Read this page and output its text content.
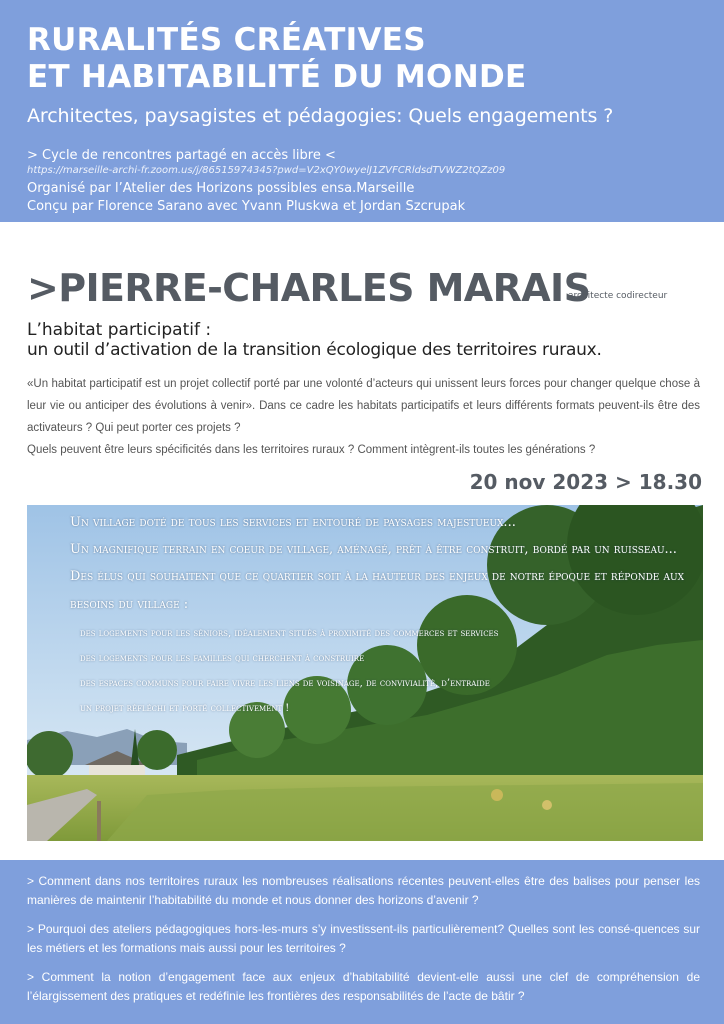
RURALITÉS CRÉATIVES
ET HABITABILITÉ DU MONDE
Architectes, paysagistes et pédagogies: Quels engagements ?
> Cycle de rencontres partagé en accès libre <
https://marseille-archi-fr.zoom.us/j/86515974345?pwd=V2xQY0wyelJ1ZVFCRldsdTVWZ2tQZz09
Organisé par l’Atelier des Horizons possibles ensa.Marseille
Conçu par Florence Sarano avec Yvann Pluskwa et Jordan Szcrupak
>PIERRE-CHARLES MARAIS
architecte codirecteur
L’habitat participatif :
un outil d’activation de la transition écologique des territoires ruraux.

«Un habitat participatif est un projet collectif porté par une volonté d’acteurs qui unissent leurs forces pour changer quelque chose à leur vie ou anticiper des évolutions à venir». Dans ce cadre les habitats participatifs et leurs différents formats peuvent-ils être des activateurs ? Qui peut porter ces projets ?

Quels peuvent être leurs spécificités dans les territoires ruraux ? Comment intègrent-ils toutes les générations ?

20 nov 2023 > 18.30
Un village doté de tous les services et entouré de paysages majestueux...
Un magnifique terrain en coeur de village, aménagé, prêt à être construit, bordé par un ruisseau...
Des élus qui souhaitent que ce quartier soit à la hauteur des enjeux de notre époque et réponde aux
besoins du village :
des logements pour les séniors, idéalement situés à proximité des commerces et services
des logements pour les familles qui cherchent à construire
des espaces communs pour faire vivre les liens de voisinage, de convivialité, d’entraide
un projet réfléchi et porté collectivement !
> Comment dans nos territoires ruraux les nombreuses réalisations récentes peuvent-elles être des balises pour penser les manières de maintenir l’habitabilité du monde et nous donner des horizons d’avenir ?
> Pourquoi des ateliers pédagogiques hors-les-murs s’y investissent-ils particulièrement? Quelles sont les consé-quences sur les métiers et les formations mais aussi pour les territoires ?
> Comment la notion d’engagement face aux enjeux d’habitabilité devient-elle aussi une clef de compréhension de l’élargissement des pratiques et redéfinie les frontières des responsabilités de l’acte de bâtir ?
